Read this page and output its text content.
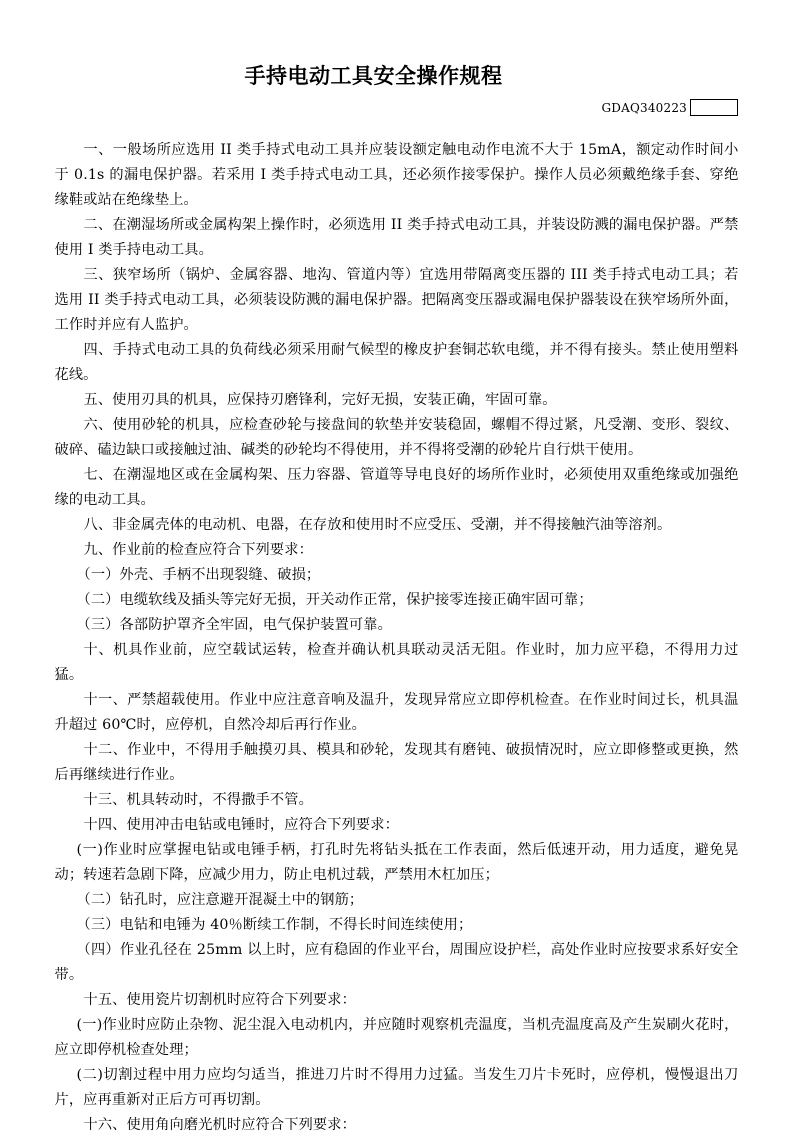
手持电动工具安全操作规程
GDAQ340223

一、一般场所应选用 II 类手持式电动工具并应装设额定触电动作电流不大于 15mA，额定动作时间小于 0.1s 的漏电保护器。若采用 I 类手持式电动工具，还必须作接零保护。操作人员必须戴绝缘手套、穿绝缘鞋或站在绝缘垫上。

二、在潮湿场所或金属构架上操作时，必须选用 II 类手持式电动工具，并装设防溅的漏电保护器。严禁使用 I 类手持电动工具。

三、狭窄场所（锅炉、金属容器、地沟、管道内等）宜选用带隔离变压器的 III 类手持式电动工具；若选用 II 类手持式电动工具，必须装设防溅的漏电保护器。把隔离变压器或漏电保护器装设在狭窄场所外面，工作时并应有人监护。

四、手持式电动工具的负荷线必须采用耐气候型的橡皮护套铜芯软电缆，并不得有接头。禁止使用塑料花线。

五、使用刃具的机具，应保持刃磨锋利，完好无损，安装正确，牢固可靠。

六、使用砂轮的机具，应检查砂轮与接盘间的软垫并安装稳固，螺帽不得过紧，凡受潮、变形、裂纹、破碎、磕边缺口或接触过油、碱类的砂轮均不得使用，并不得将受潮的砂轮片自行烘干使用。

七、在潮湿地区或在金属构架、压力容器、管道等导电良好的场所作业时，必须使用双重绝缘或加强绝缘的电动工具。

八、非金属壳体的电动机、电器，在存放和使用时不应受压、受潮，并不得接触汽油等溶剂。

九、作业前的检查应符合下列要求：

（一）外壳、手柄不出现裂缝、破损；

（二）电缆软线及插头等完好无损，开关动作正常，保护接零连接正确牢固可靠；

（三）各部防护罩齐全牢固，电气保护装置可靠。

十、机具作业前，应空载试运转，检查并确认机具联动灵活无阻。作业时，加力应平稳，不得用力过猛。

十一、严禁超载使用。作业中应注意音响及温升，发现异常应立即停机检查。在作业时间过长，机具温升超过 60℃时，应停机，自然冷却后再行作业。

十二、作业中，不得用手触摸刃具、模具和砂轮，发现其有磨钝、破损情况时，应立即修整或更换，然后再继续进行作业。

十三、机具转动时，不得撒手不管。

十四、使用冲击电钻或电锤时，应符合下列要求：

(一)作业时应掌握电钻或电锤手柄，打孔时先将钻头抵在工作表面，然后低速开动，用力适度，避免晃动；转速若急剧下降，应减少用力，防止电机过载，严禁用木杠加压；

（二）钻孔时，应注意避开混凝土中的钢筋；

（三）电钻和电锤为 40％断续工作制，不得长时间连续使用；

（四）作业孔径在 25mm 以上时，应有稳固的作业平台，周围应设护栏，高处作业时应按要求系好安全带。

十五、使用瓷片切割机时应符合下列要求：

(一)作业时应防止杂物、泥尘混入电动机内，并应随时观察机壳温度，当机壳温度高及产生炭刷火花时，应立即停机检查处理；

(二)切割过程中用力应均匀适当，推进刀片时不得用力过猛。当发生刀片卡死时，应停机，慢慢退出刀片，应再重新对正后方可再切割。

十六、使用角向磨光机时应符合下列要求：
